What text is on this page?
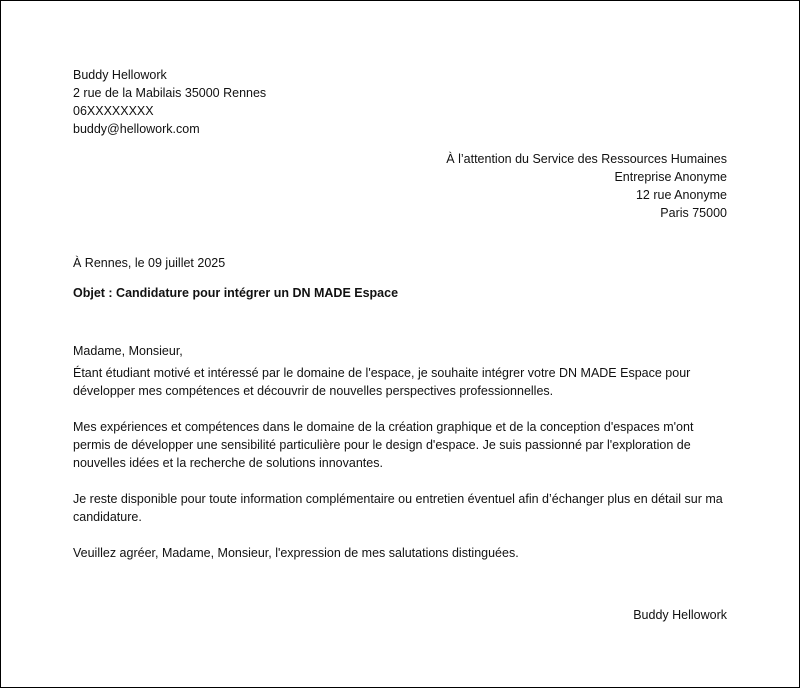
Buddy Hellowork
2 rue de la Mabilais 35000 Rennes
06XXXXXXXX
buddy@hellowork.com
À l’attention du Service des Ressources Humaines
Entreprise Anonyme
12 rue Anonyme
Paris 75000
À Rennes, le 09 juillet 2025
Objet : Candidature pour intégrer un DN MADE Espace

Madame, Monsieur,

Étant étudiant motivé et intéressé par le domaine de l'espace, je souhaite intégrer votre DN MADE Espace pour développer mes compétences et découvrir de nouvelles perspectives professionnelles.

Mes expériences et compétences dans le domaine de la création graphique et de la conception d'espaces m'ont permis de développer une sensibilité particulière pour le design d'espace. Je suis passionné par l'exploration de nouvelles idées et la recherche de solutions innovantes.

Je reste disponible pour toute information complémentaire ou entretien éventuel afin d’échanger plus en détail sur ma candidature.

Veuillez agréer, Madame, Monsieur, l'expression de mes salutations distinguées.

Buddy Hellowork
